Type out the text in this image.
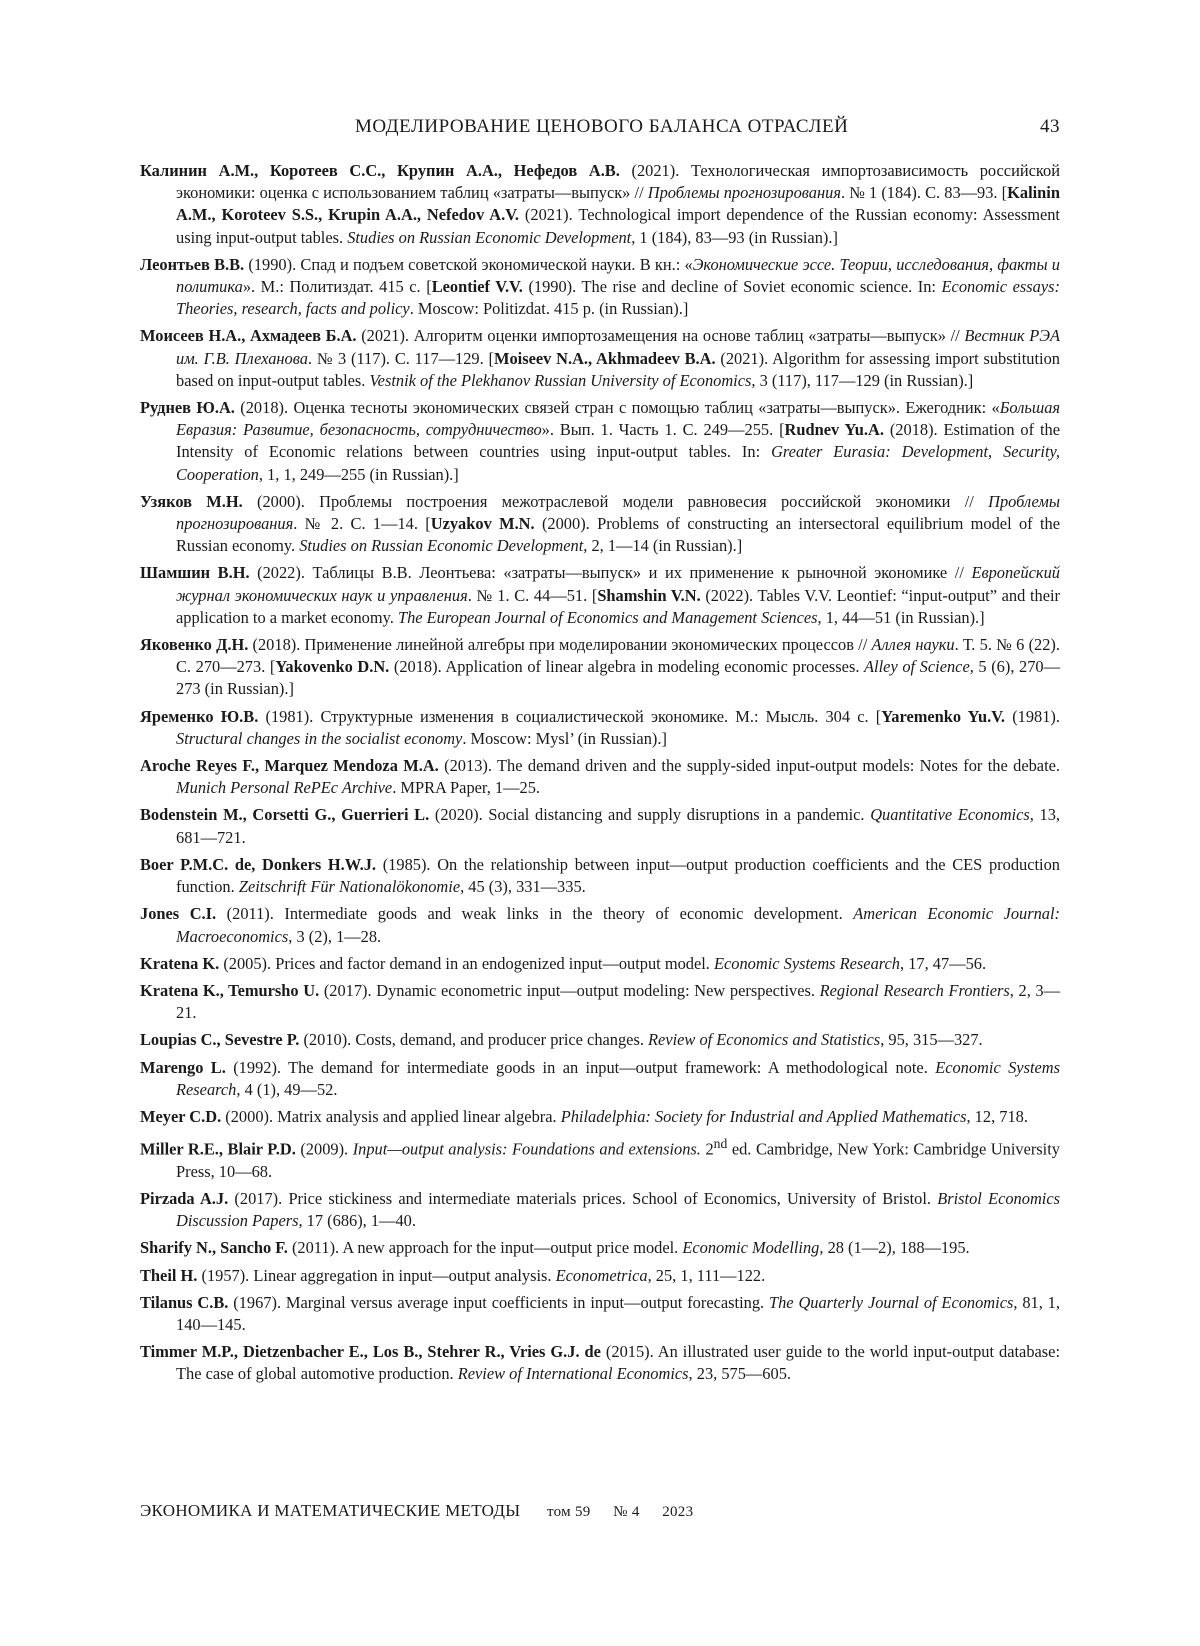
МОДЕЛИРОВАНИЕ ЦЕНОВОГО БАЛАНСА ОТРАСЛЕЙ	43

Калинин А.М., Коротеев С.С., Крупин А.А., Нефедов А.В. (2021). Технологическая импортозависимость российской экономики: оценка с использованием таблиц «затраты—выпуск» // Проблемы прогнозирования. № 1 (184). С. 83—93. [Kalinin A.M., Koroteev S.S., Krupin A.A., Nefedov A.V. (2021). Technological import dependence of the Russian economy: Assessment using input-output tables. Studies on Russian Economic Development, 1 (184), 83—93 (in Russian).]

Леонтьев В.В. (1990). Спад и подъем советской экономической науки. В кн.: «Экономические эссе. Теории, исследования, факты и политика». М.: Политиздат. 415 с. [Leontief V.V. (1990). The rise and decline of Soviet economic science. In: Economic essays: Theories, research, facts and policy. Moscow: Politizdat. 415 p. (in Russian).]

Моисеев Н.А., Ахмадеев Б.А. (2021). Алгоритм оценки импортозамещения на основе таблиц «затраты—выпуск» // Вестник РЭА им. Г.В. Плеханова. № 3 (117). С. 117—129. [Moiseev N.A., Akhmadeev B.A. (2021). Algorithm for assessing import substitution based on input-output tables. Vestnik of the Plekhanov Russian University of Economics, 3 (117), 117—129 (in Russian).]

Руднев Ю.А. (2018). Оценка тесноты экономических связей стран с помощью таблиц «затраты—выпуск». Ежегодник: «Большая Евразия: Развитие, безопасность, сотрудничество». Вып. 1. Часть 1. С. 249—255. [Rudnev Yu.A. (2018). Estimation of the Intensity of Economic relations between countries using input-output tables. In: Greater Eurasia: Development, Security, Cooperation, 1, 1, 249—255 (in Russian).]

Узяков М.Н. (2000). Проблемы построения межотраслевой модели равновесия российской экономики // Проблемы прогнозирования. № 2. С. 1—14. [Uzyakov M.N. (2000). Problems of constructing an intersectoral equilibrium model of the Russian economy. Studies on Russian Economic Development, 2, 1—14 (in Russian).]

Шамшин В.Н. (2022). Таблицы В.В. Леонтьева: «затраты—выпуск» и их применение к рыночной экономике // Европейский журнал экономических наук и управления. № 1. С. 44—51. [Shamshin V.N. (2022). Tables V.V. Leontief: “input-output” and their application to a market economy. The European Journal of Economics and Management Sciences, 1, 44—51 (in Russian).]

Яковенко Д.Н. (2018). Применение линейной алгебры при моделировании экономических процессов // Аллея науки. Т. 5. № 6 (22). С. 270—273. [Yakovenko D.N. (2018). Application of linear algebra in modeling economic processes. Alley of Science, 5 (6), 270—273 (in Russian).]

Яременко Ю.В. (1981). Структурные изменения в социалистической экономике. М.: Мысль. 304 с. [Yaremenko Yu.V. (1981). Structural changes in the socialist economy. Moscow: Mysl’ (in Russian).]

Aroche Reyes F., Marquez Mendoza M.A. (2013). The demand driven and the supply-sided input-output models: Notes for the debate. Munich Personal RePEc Archive. MPRA Paper, 1—25.

Bodenstein M., Corsetti G., Guerrieri L. (2020). Social distancing and supply disruptions in a pandemic. Quantitative Economics, 13, 681—721.

Boer P.M.C. de, Donkers H.W.J. (1985). On the relationship between input—output production coefficients and the CES production function. Zeitschrift Für Nationalökonomie, 45 (3), 331—335.

Jones C.I. (2011). Intermediate goods and weak links in the theory of economic development. American Economic Journal: Macroeconomics, 3 (2), 1—28.

Kratena K. (2005). Prices and factor demand in an endogenized input—output model. Economic Systems Research, 17, 47—56.

Kratena K., Temursho U. (2017). Dynamic econometric input—output modeling: New perspectives. Regional Research Frontiers, 2, 3—21.

Loupias C., Sevestre P. (2010). Costs, demand, and producer price changes. Review of Economics and Statistics, 95, 315—327.

Marengo L. (1992). The demand for intermediate goods in an input—output framework: A methodological note. Economic Systems Research, 4 (1), 49—52.

Meyer C.D. (2000). Matrix analysis and applied linear algebra. Philadelphia: Society for Industrial and Applied Mathematics, 12, 718.

Miller R.E., Blair P.D. (2009). Input—output analysis: Foundations and extensions. 2nd ed. Cambridge, New York: Cambridge University Press, 10—68.

Pirzada A.J. (2017). Price stickiness and intermediate materials prices. School of Economics, University of Bristol. Bristol Economics Discussion Papers, 17 (686), 1—40.

Sharify N., Sancho F. (2011). A new approach for the input—output price model. Economic Modelling, 28 (1—2), 188—195.

Theil H. (1957). Linear aggregation in input—output analysis. Econometrica, 25, 1, 111—122.

Tilanus C.B. (1967). Marginal versus average input coefficients in input—output forecasting. The Quarterly Journal of Economics, 81, 1, 140—145.

Timmer M.P., Dietzenbacher E., Los B., Stehrer R., Vries G.J. de (2015). An illustrated user guide to the world input-output database: The case of global automotive production. Review of International Economics, 23, 575—605.

ЭКОНОМИКА И МАТЕМАТИЧЕСКИЕ МЕТОДЫ том 59 № 4 2023
